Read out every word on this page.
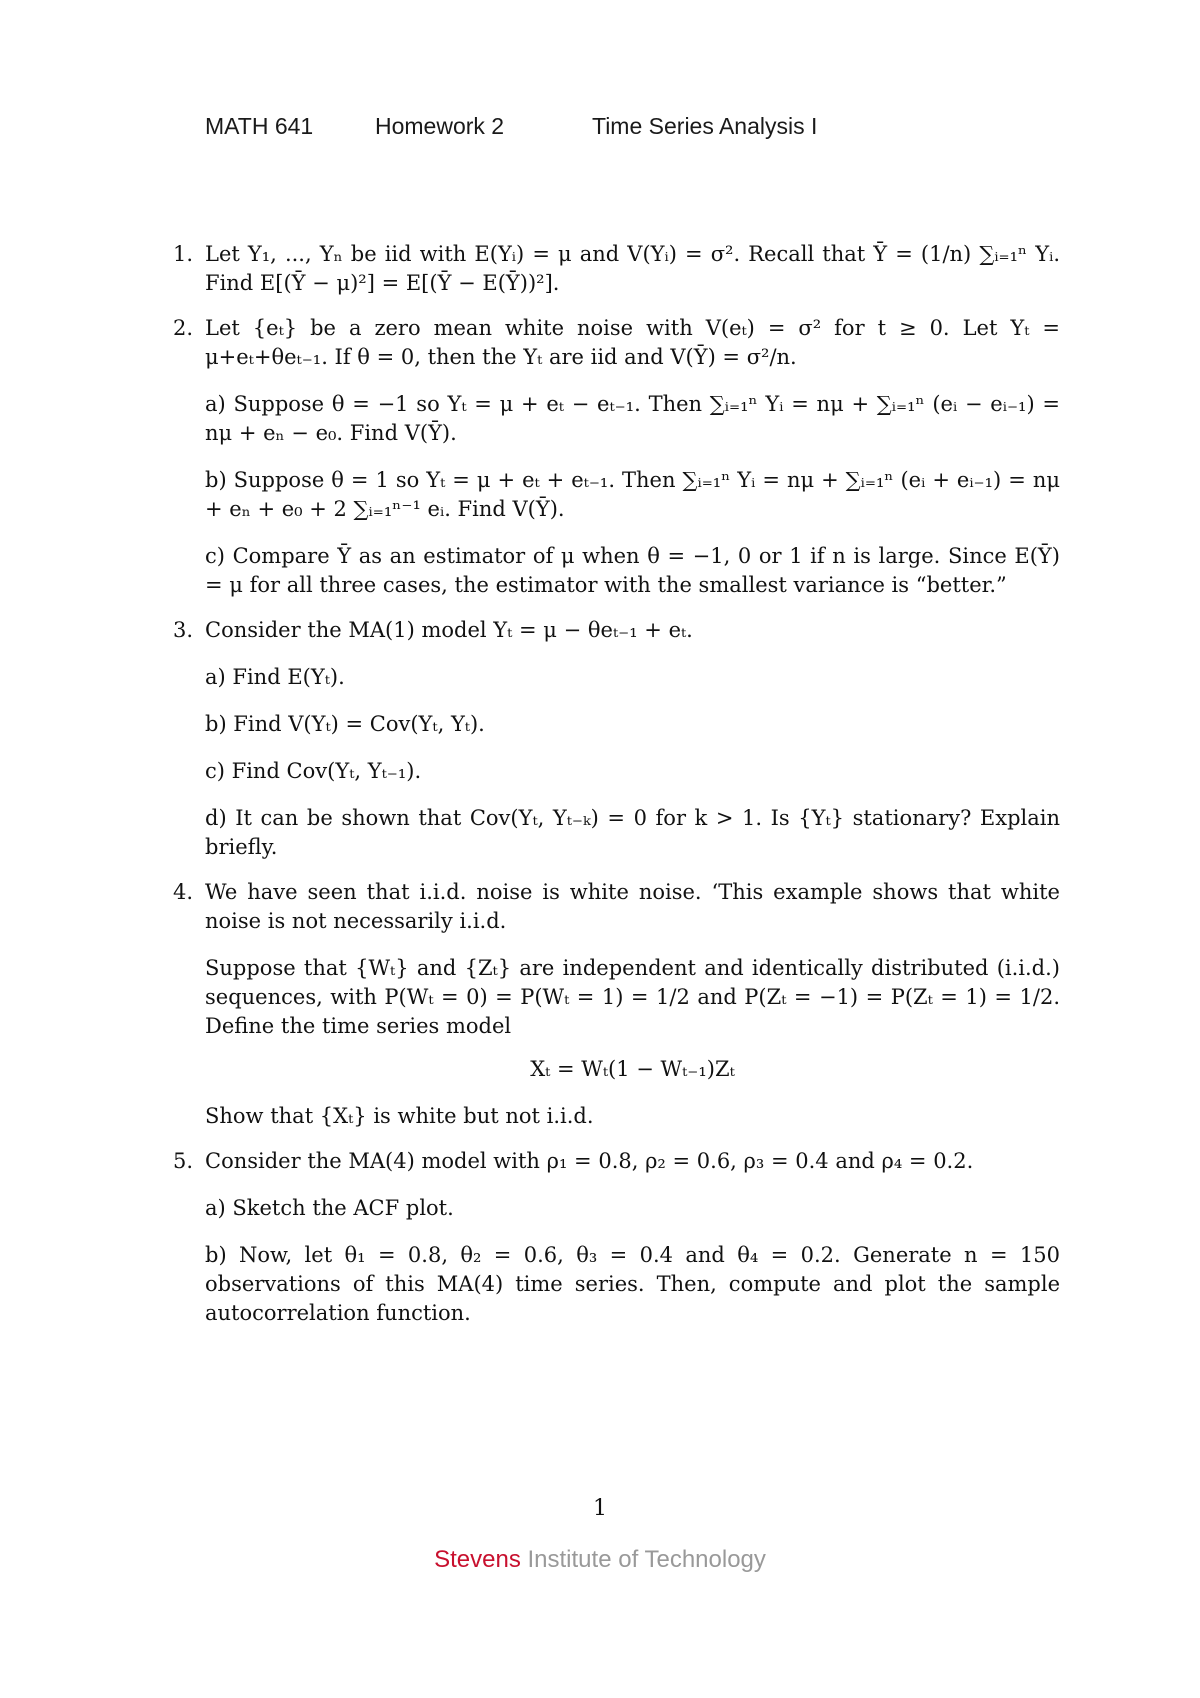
MATH 641	Homework 2	Time Series Analysis I
1. Let Y₁, ..., Yₙ be iid with E(Yᵢ) = μ and V(Yᵢ) = σ². Recall that Ȳ = (1/n) ∑ᵢ₌₁ⁿ Yᵢ. Find E[(Ȳ − μ)²] = E[(Ȳ − E(Ȳ))²].

2. Let {eₜ} be a zero mean white noise with V(eₜ) = σ² for t ≥ 0. Let Yₜ = μ+eₜ+θeₜ₋₁. If θ = 0, then the Yₜ are iid and V(Ȳ) = σ²/n.

a) Suppose θ = −1 so Yₜ = μ + eₜ − eₜ₋₁. Then ∑ᵢ₌₁ⁿ Yᵢ = nμ + ∑ᵢ₌₁ⁿ (eᵢ − eᵢ₋₁) = nμ + eₙ − e₀. Find V(Ȳ).

b) Suppose θ = 1 so Yₜ = μ + eₜ + eₜ₋₁. Then ∑ᵢ₌₁ⁿ Yᵢ = nμ + ∑ᵢ₌₁ⁿ (eᵢ + eᵢ₋₁) = nμ + eₙ + e₀ + 2 ∑ᵢ₌₁ⁿ⁻¹ eᵢ. Find V(Ȳ).

c) Compare Ȳ as an estimator of μ when θ = −1, 0 or 1 if n is large. Since E(Ȳ) = μ for all three cases, the estimator with the smallest variance is “better.”

3. Consider the MA(1) model Yₜ = μ − θeₜ₋₁ + eₜ.

a) Find E(Yₜ).

b) Find V(Yₜ) = Cov(Yₜ, Yₜ).

c) Find Cov(Yₜ, Yₜ₋₁).

d) It can be shown that Cov(Yₜ, Yₜ₋ₖ) = 0 for k > 1. Is {Yₜ} stationary? Explain briefly.

4. We have seen that i.i.d. noise is white noise. ‘This example shows that white noise is not necessarily i.i.d.

Suppose that {Wₜ} and {Zₜ} are independent and identically distributed (i.i.d.) sequences, with P(Wₜ = 0) = P(Wₜ = 1) = 1/2 and P(Zₜ = −1) = P(Zₜ = 1) = 1/2. Define the time series model

Xₜ = Wₜ(1 − Wₜ₋₁)Zₜ

Show that {Xₜ} is white but not i.i.d.

5. Consider the MA(4) model with ρ₁ = 0.8, ρ₂ = 0.6, ρ₃ = 0.4 and ρ₄ = 0.2.

a) Sketch the ACF plot.

b) Now, let θ₁ = 0.8, θ₂ = 0.6, θ₃ = 0.4 and θ₄ = 0.2. Generate n = 150 observations of this MA(4) time series. Then, compute and plot the sample autocorrelation function.

1
Stevens Institute of Technology
